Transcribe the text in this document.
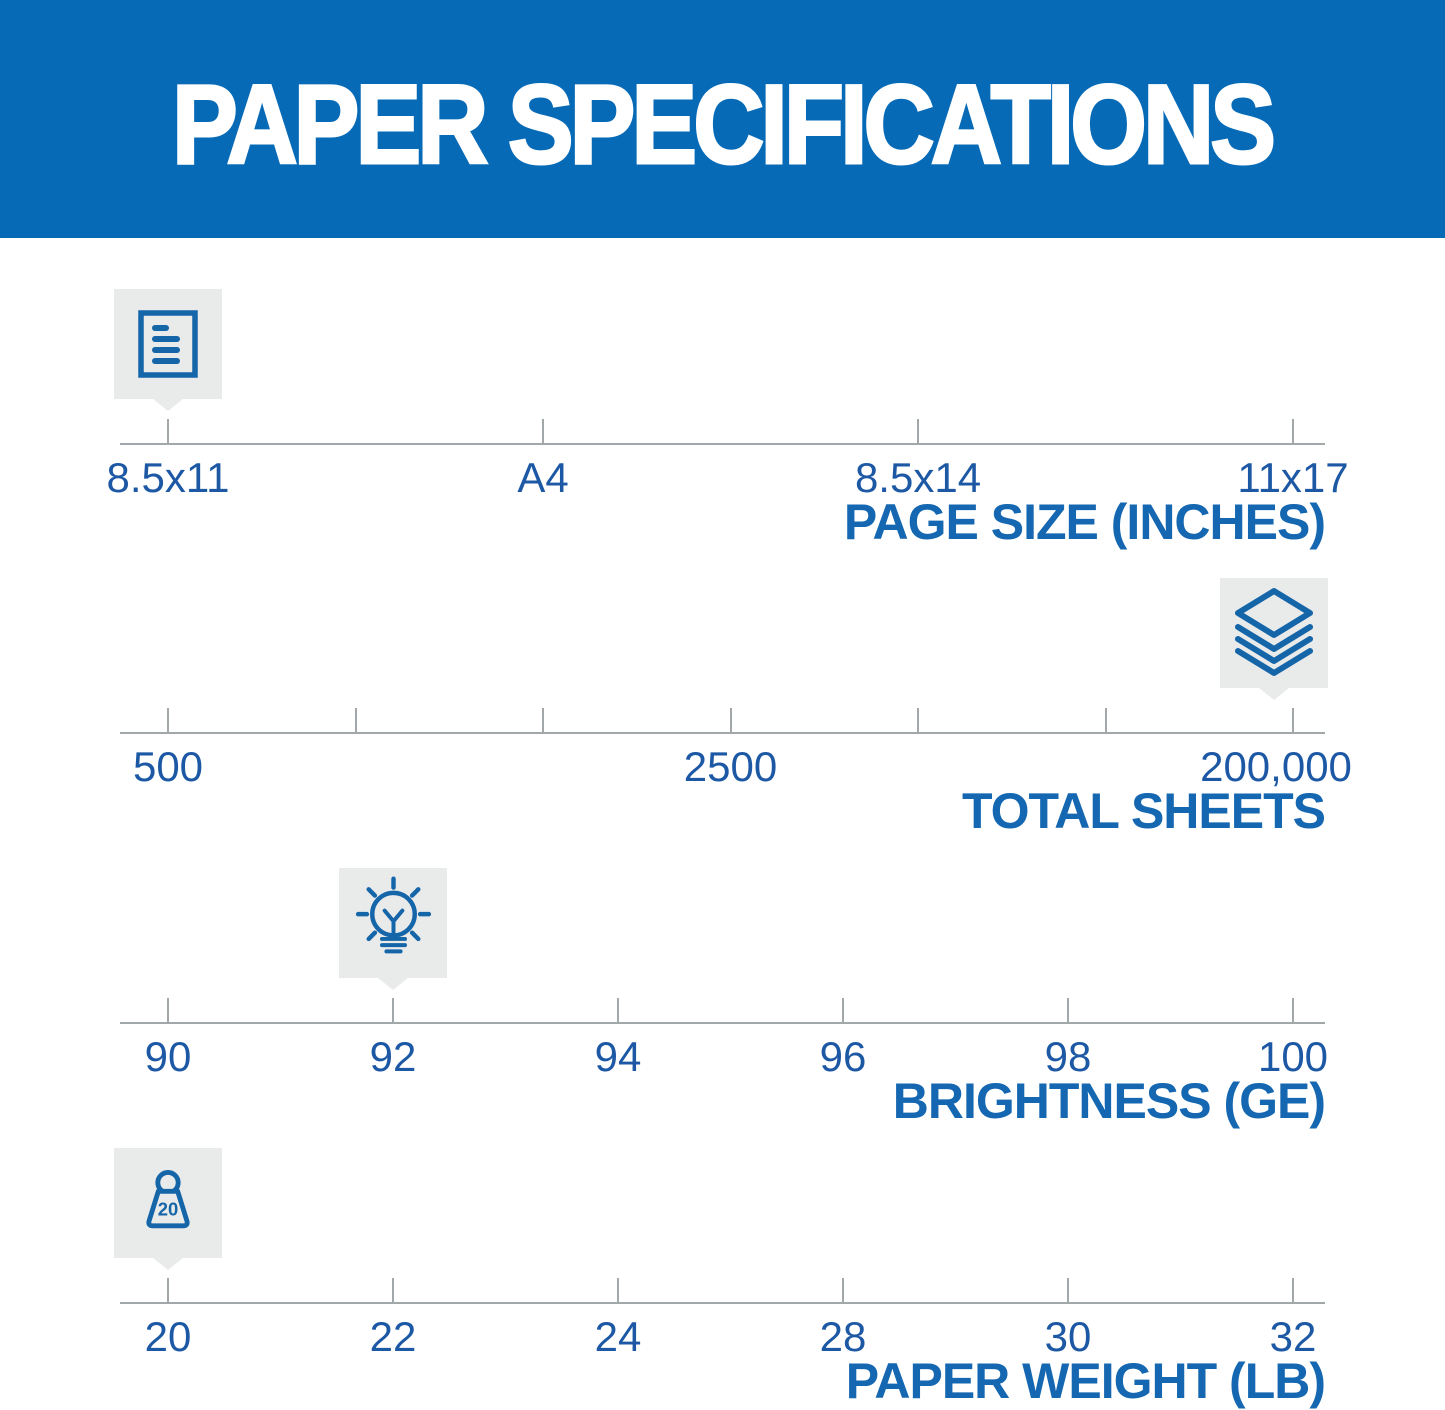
PAPER SPECIFICATIONS
8.5x11	A4	8.5x14	11x17
PAGE SIZE (INCHES)
500	2500	200,000
TOTAL SHEETS
90	92	94	96	98	100
BRIGHTNESS (GE)
20
20	22	24	28	30	32
PAPER WEIGHT (LB)
